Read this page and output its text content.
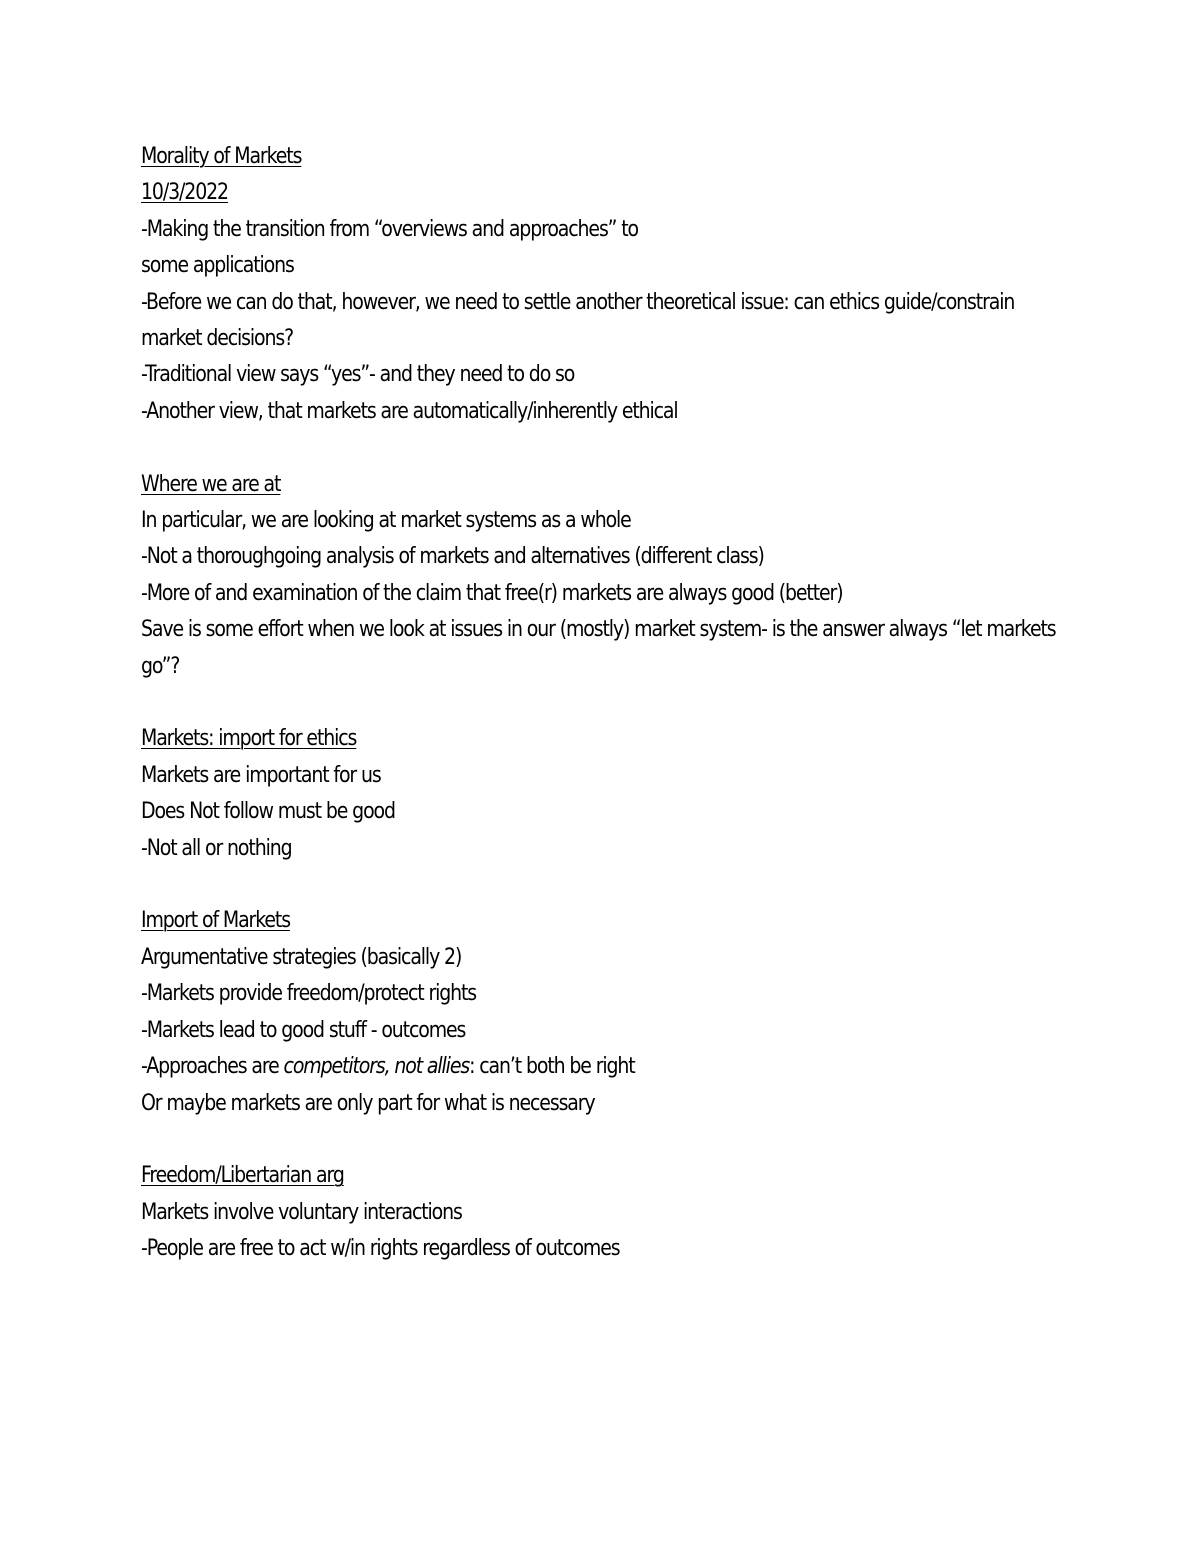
Morality of Markets
10/3/2022
-Making the transition from “overviews and approaches” to
some applications
-Before we can do that, however, we need to settle another theoretical issue: can ethics guide/constrain market decisions?
-Traditional view says “yes”- and they need to do so
-Another view, that markets are automatically/inherently ethical
Where we are at
In particular, we are looking at market systems as a whole
-Not a thoroughgoing analysis of markets and alternatives (different class)
-More of and examination of the claim that free(r) markets are always good (better)
Save is some effort when we look at issues in our (mostly) market system- is the answer always “let markets go”?
Markets: import for ethics
Markets are important for us
Does Not follow must be good
-Not all or nothing
Import of Markets
Argumentative strategies (basically 2)
-Markets provide freedom/protect rights
-Markets lead to good stuff - outcomes
-Approaches are competitors, not allies: can’t both be right
Or maybe markets are only part for what is necessary
Freedom/Libertarian arg
Markets involve voluntary interactions
-People are free to act w/in rights regardless of outcomes
